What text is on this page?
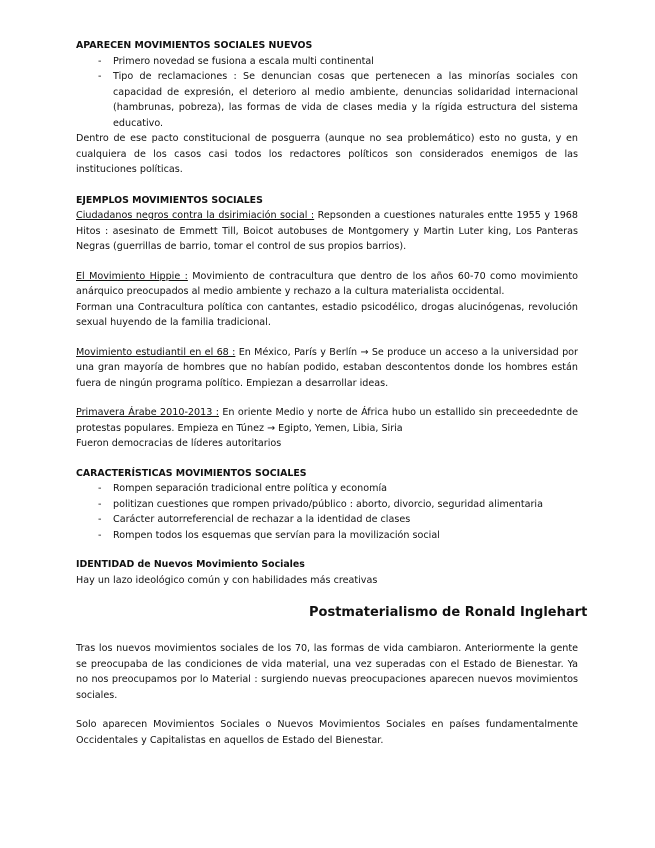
APARECEN MOVIMIENTOS SOCIALES NUEVOS

- Primero novedad se fusiona a escala multi continental
- Tipo de reclamaciones : Se denuncian cosas que pertenecen a las minorías sociales con capacidad de expresión, el deterioro al medio ambiente, denuncias solidaridad internacional (hambrunas, pobreza), las formas de vida de clases media y la rígida estructura del sistema educativo.

Dentro de ese pacto constitucional de posguerra (aunque no sea problemático) esto no gusta, y en cualquiera de los casos casi todos los redactores políticos son considerados enemigos de las instituciones políticas.

EJEMPLOS MOVIMIENTOS SOCIALES

Ciudadanos negros contra la dsirimiación social : Repsonden a cuestiones naturales entte 1955 y 1968 Hitos : asesinato de Emmett Till, Boicot autobuses de Montgomery y Martin Luter king, Los Panteras Negras (guerrillas de barrio, tomar el control de sus propios barrios).

El Movimiento Hippie : Movimiento de contracultura que dentro de los años 60-70 como movimiento anárquico preocupados al medio ambiente y rechazo a la cultura materialista occidental.

Forman una Contracultura política con cantantes, estadio psicodélico, drogas alucinógenas, revolución sexual huyendo de la familia tradicional.

Movimiento estudiantil en el 68 : En México, París y Berlín → Se produce un acceso a la universidad por una gran mayoría de hombres que no habían podido, estaban descontentos donde los hombres están fuera de ningún programa político. Empiezan a desarrollar ideas.

Primavera Árabe 2010-2013 : En oriente Medio y norte de África hubo un estallido sin preceedednte de protestas populares. Empieza en Túnez → Egipto, Yemen, Libia, Siria

Fueron democracias de líderes autoritarios

CARACTERÍSTICAS MOVIMIENTOS SOCIALES

- Rompen separación tradicional entre política y economía
- politizan cuestiones que rompen privado/público : aborto, divorcio, seguridad alimentaria
- Carácter autorreferencial de rechazar a la identidad de clases
- Rompen todos los esquemas que servían para la movilización social

IDENTIDAD de Nuevos Movimiento Sociales

Hay un lazo ideológico común y con habilidades más creativas

Postmaterialismo de Ronald Inglehart

Tras los nuevos movimientos sociales de los 70, las formas de vida cambiaron. Anteriormente la gente se preocupaba de las condiciones de vida material, una vez superadas con el Estado de Bienestar. Ya no nos preocupamos por lo Material : surgiendo nuevas preocupaciones aparecen nuevos movimientos sociales.

Solo aparecen Movimientos Sociales o Nuevos Movimientos Sociales en países fundamentalmente Occidentales y Capitalistas en aquellos de Estado del Bienestar.
